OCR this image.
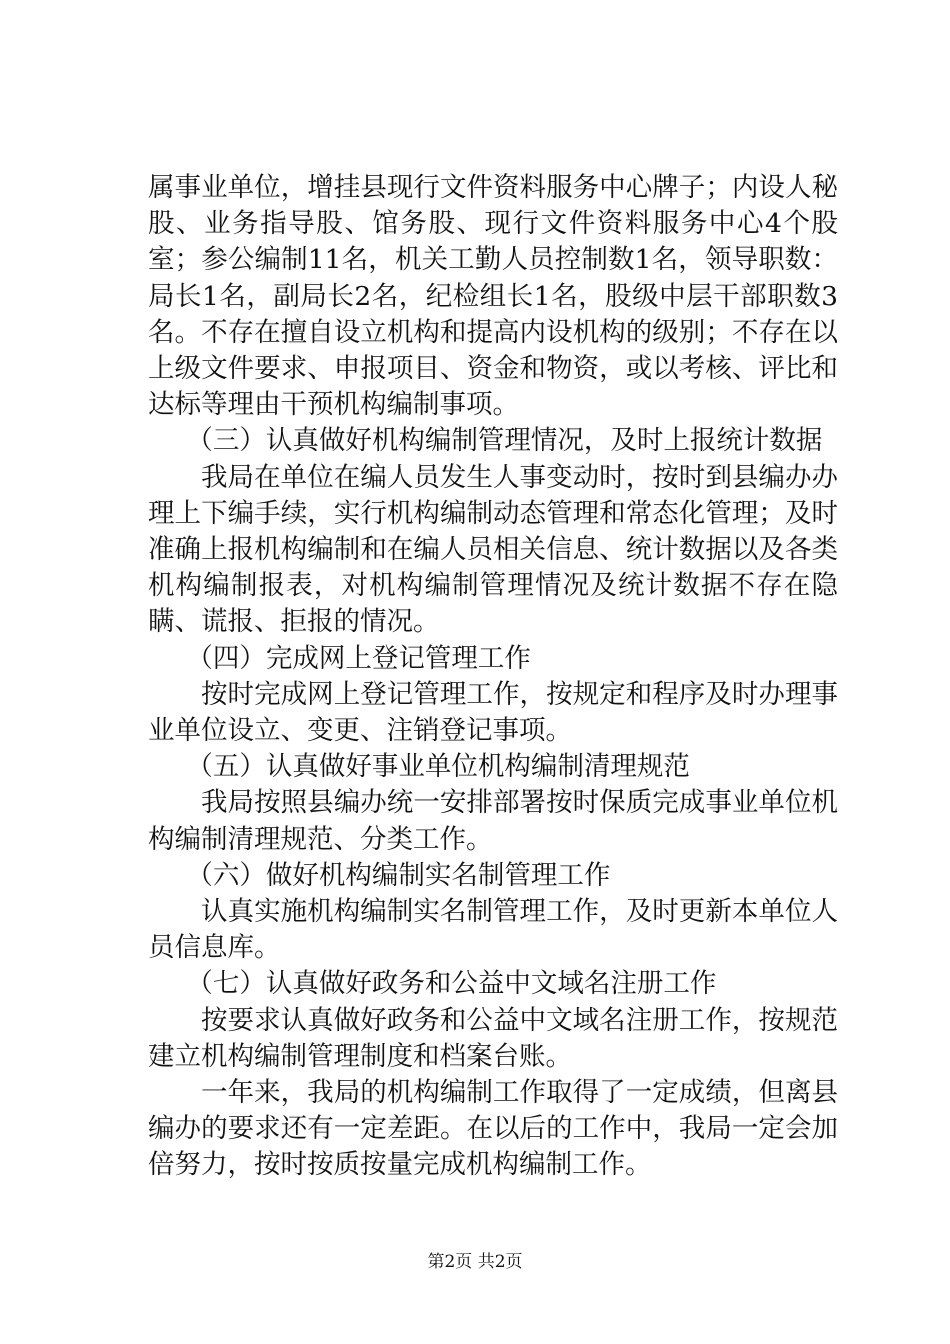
属事业单位，增挂县现行文件资料服务中心牌子；内设人秘股、业务指导股、馆务股、现行文件资料服务中心4个股室；参公编制11名，机关工勤人员控制数1名，领导职数：局长1名，副局长2名，纪检组长1名，股级中层干部职数3名。不存在擅自设立机构和提高内设机构的级别；不存在以上级文件要求、申报项目、资金和物资，或以考核、评比和达标等理由干预机构编制事项。

（三）认真做好机构编制管理情况，及时上报统计数据

我局在单位在编人员发生人事变动时，按时到县编办办理上下编手续，实行机构编制动态管理和常态化管理；及时准确上报机构编制和在编人员相关信息、统计数据以及各类机构编制报表，对机构编制管理情况及统计数据不存在隐瞒、谎报、拒报的情况。

（四）完成网上登记管理工作

按时完成网上登记管理工作，按规定和程序及时办理事业单位设立、变更、注销登记事项。

（五）认真做好事业单位机构编制清理规范

我局按照县编办统一安排部署按时保质完成事业单位机构编制清理规范、分类工作。

（六）做好机构编制实名制管理工作

认真实施机构编制实名制管理工作，及时更新本单位人员信息库。

（七）认真做好政务和公益中文域名注册工作

按要求认真做好政务和公益中文域名注册工作，按规范建立机构编制管理制度和档案台账。

一年来，我局的机构编制工作取得了一定成绩，但离县编办的要求还有一定差距。在以后的工作中，我局一定会加倍努力，按时按质按量完成机构编制工作。

第2页 共2页
